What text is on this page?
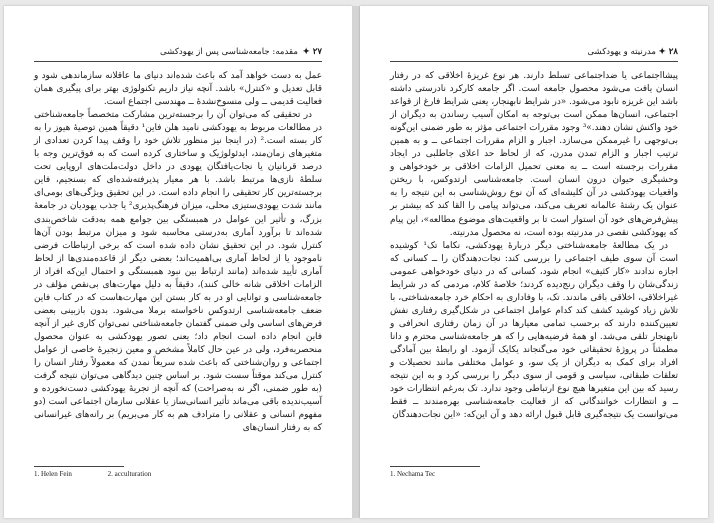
۲۷ ✦
مقدمه: جامعه‌شناسی پس از یهودکشی

عمل به دست خواهد آمد که باعث شده‌اند دنیای ما عاقلانه سازماندهی شود و قابل تعدیل و «کنترل» باشد. آنچه نیاز داریم تکنولوژی بهتر برای پیگیری همان فعالیت قدیمی ــ ولی منسوخ‌نشدهٔ ــ مهندسی اجتماع است.

در تحقیقی که می‌توان آن را برجسته‌ترین مشارکت متخصصاً جامعه‌شناختی در مطالعات مربوط به یهودکشی نامید هلن فاین¹ دقیقاً همین توصیهٔ هیوز را به کار بسته است.² (در اینجا نیز منظور تلاش خود را وقف پیدا کردن تعدادی از متغیرهای زمان‌مند، ایدئولوژیک و ساختاری کرده است که به فوق‌ترین وجه با درصد قربانیان یا نجات‌یافتگان یهودی در داخل دولت‌ملت‌های اروپایی تحت سلطهٔ نازی‌ها مرتبط باشد. با هر معیار پذیرفته‌شده‌ای که بسنجیم، فاین برجسته‌ترین کار تحقیقی را انجام داده است. در این تحقیق ویژگی‌های بومی‌ای مانند شدت یهودی‌ستیزی محلی، میزان فرهنگ‌پذیری² یا جذب یهودیان در جامعهٔ بزرگ، و تأثیر این عوامل در همبستگی بین جوامع همه به‌دقت شاخص‌بندی شده‌اند تا برآورد آماری به‌درستی محاسبه شود و میزان مرتبط بودن آن‌ها کنترل شود. در این تحقیق نشان داده شده است که برخی ارتباطات فرضی ناموجود یا از لحاظ آماری بی‌اهمیت‌اند؛ بعضی دیگر از قاعده‌مندی‌ها از لحاظ آماری تأیید شده‌اند (مانند ارتباط بین نبود همبستگی و احتمال این‌که افراد از الزامات اخلاقی شانه خالی کنند)، دقیقاً به دلیل مهارت‌های بی‌نقص مؤلف در جامعه‌شناسی و توانایی او در به کار بستن این مهارت‌هاست که در کتاب فاین ضعف جامعه‌شناسی ارتدوکس ناخواسته برملا می‌شود. بدون بازبینی بعضی فرض‌های اساسی ولی ضمنی گفتمان جامعه‌شناختی نمی‌توان کاری غیر از آنچه فاین انجام داده است انجام داد؛ یعنی تصور یهودکشی به عنوان محصول منحصربه‌فرد، ولی در عین حال کاملاً مشخص و معین زنجیرهٔ خاصی از عوامل اجتماعی و روان‌شناختی که باعث شده سریعاً نمدن که معمولاً رفتار انسان را کنترل می‌کند موقتاً سست شود. بر اساس چنین دیدگاهی می‌توان نتیجه گرفت (به طور ضمنی، اگر نه به‌صراحت) که آنچه از تجربهٔ یهودکشی دست‌نخورده و آسیب‌ندیده باقی می‌ماند تأثیر انسانی‌ساز یا عقلانی سازمان اجتماعی است (دو مفهوم انسانی و عقلانی را مترادف هم به کار می‌بریم) بر رانه‌های غیرانسانی که به رفتار انسان‌های

1. Helen Fein	2. acculturation
۲۸ ✦
مدرنیته و یهودکشی

پیشااجتماعی یا ضداجتماعی تسلط دارند. هر نوع غریزهٔ اخلاقی که در رفتار انسان یافت می‌شود محصول جامعه است. اگر جامعه کارکرد نادرستی داشته باشد این غریزه نابود می‌شود. «در شرایط نابهنجار، یعنی شرایط فارغ از قواعد اجتماعی، انسان‌ها ممکن است بی‌توجه به امکان آسیب رساندن به دیگران از خود واکنش نشان دهند.»³ وجود مقررات اجتماعی مؤثر به طور ضمنی این‌گونه بی‌توجهی را غیرممکن می‌سازد. اجبار و الزام مقررات اجتماعی ــ و به همین ترتیب اجبار و الزام تمدن مدرن، که از لحاظ حد اعلای جاطلبی در ایجاد مقررات برجسته است ــ به معنی تحمیل الزامات اخلاقی بر خودخواهی و وحشیگری حیوان درون انسان است. جامعه‌شناسی ارتدوکس، با ریختن واقعیات یهودکشی در آن کلیشه‌ای که آن نوع روش‌شناسی به این نتیجه را به عنوان یک رشتهٔ عالمانه تعریف می‌کند، می‌تواند پیامی را القا کند که بیشتر بر پیش‌فرض‌های خود آن استوار است تا بر واقعیت‌های موضوع مطالعه»، این پیام که یهودکشی نقصی در مدرنیته بوده است، نه محصول مدرنیته.

در یک مطالعهٔ جامعه‌شناختی دیگر دربارهٔ یهودکشی، نکاما تک¹ کوشیده است آن سوی طیف اجتماعی را بررسی کند: نجات‌دهندگان را ــ کسانی که اجازه ندادند «کار کثیف» انجام شود، کسانی که در دنیای خودخواهی عمومی زندگی‌شان را وقف دیگران رنج‌دیده کردند؛ خلاصهٔ کلام، مردمی که در شرایط غیراخلاقی، اخلاقی باقی ماندند. تک، با وفاداری به احکام خرد جامعه‌شناختی، با تلاش زیاد کوشید کشف کند کدام عوامل اجتماعی در شکل‌گیری رفتاری نفش تعیین‌کننده دارند که برحسب تمامی معیارها در آن زمان رفتاری انحرافی و نابهنجار تلقی می‌شد. او همهٔ فرضیه‌هایی را که هر جامعه‌شناسی محترم و دانا مطمئناً در پروژهٔ تحقیقاتی خود می‌گنجاند یکایک آزمود. او رابطهٔ بین آمادگی افراد برای کمک به دیگران از یک سو، و عوامل مختلفی مانند تحصیلات و تعلقات طبقاتی، سیاسی و قومی از سوی دیگر را بررسی کرد و به این نتیجه رسید که بین این متغیرها هیچ نوع ارتباطی وجود ندارد. تک به‌رغم انتظارات خود ــ و انتظارات خوانندگانی که از فعالیت جامعه‌شناسی بهره‌مندند ــ فقط می‌توانست یک نتیجه‌گیری قابل قبول ارائه دهد و آن این‌که: «این نجات‌دهندگان

1. Nechama Tec
